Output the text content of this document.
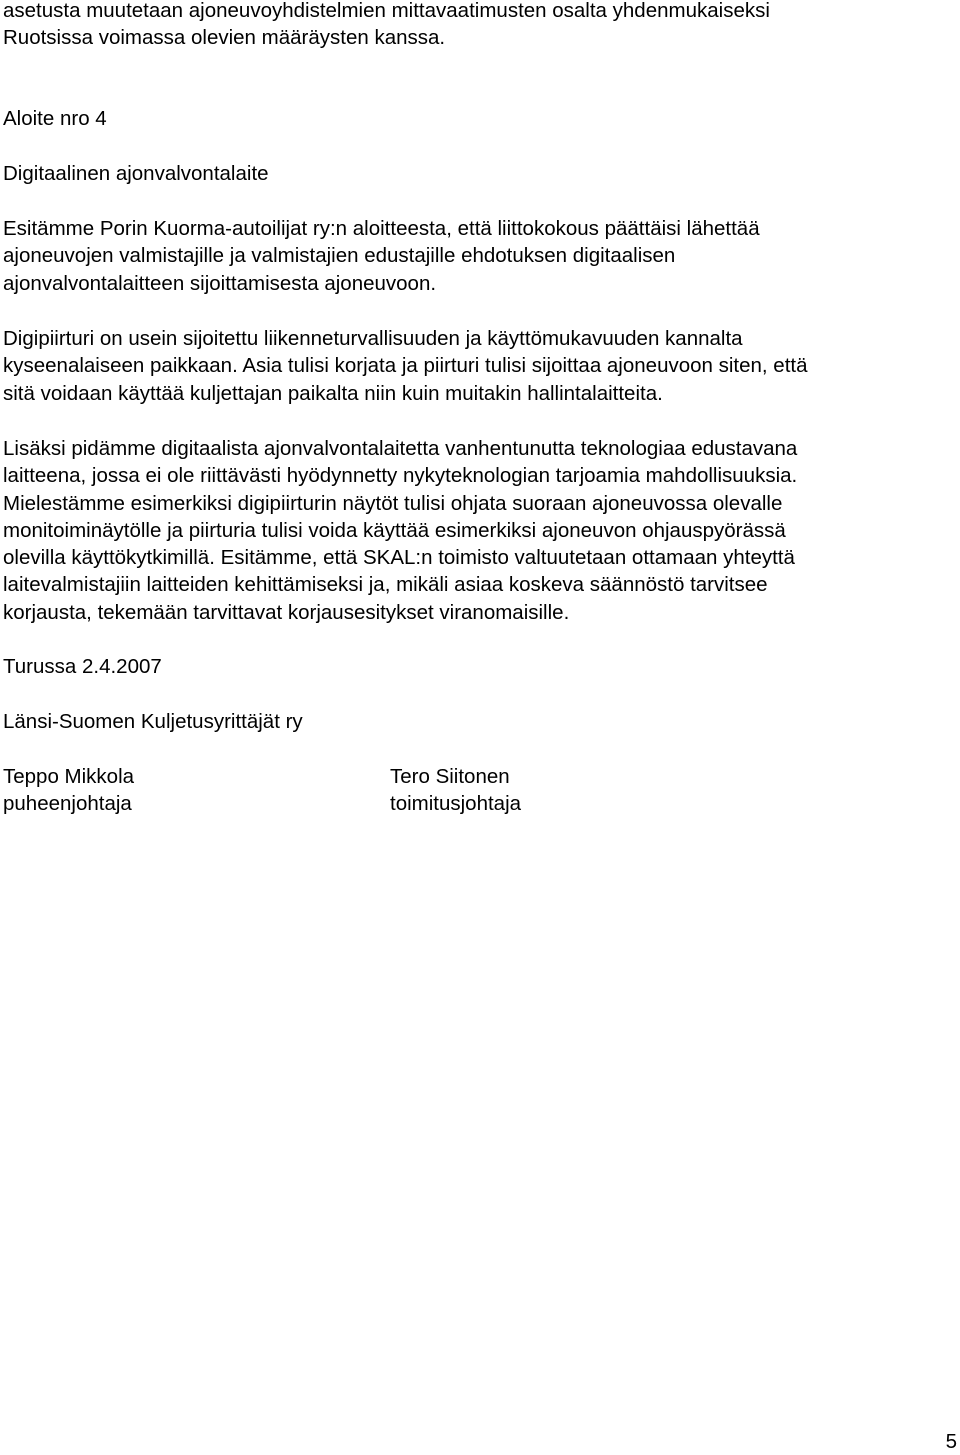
asetusta muutetaan ajoneuvoyhdistelmien mittavaatimusten osalta yhdenmukaiseksi
Ruotsissa voimassa olevien määräysten kanssa.
Aloite nro 4
Digitaalinen ajonvalvontalaite
Esitämme Porin Kuorma-autoilijat ry:n aloitteesta, että liittokokous päättäisi lähettää
ajoneuvojen valmistajille ja valmistajien edustajille ehdotuksen digitaalisen
ajonvalvontalaitteen sijoittamisesta ajoneuvoon.
Digipiirturi on usein sijoitettu liikenneturvallisuuden ja käyttömukavuuden kannalta
kyseenalaiseen paikkaan. Asia tulisi korjata ja piirturi tulisi sijoittaa ajoneuvoon siten, että
sitä voidaan käyttää kuljettajan paikalta niin kuin muitakin hallintalaitteita.
Lisäksi pidämme digitaalista ajonvalvontalaitetta vanhentunutta teknologiaa edustavana
laitteena, jossa ei ole riittävästi hyödynnetty nykyteknologian tarjoamia mahdollisuuksia.
Mielestämme esimerkiksi digipiirturin näytöt tulisi ohjata suoraan ajoneuvossa olevalle
monitoiminäytölle ja piirturia tulisi voida käyttää esimerkiksi ajoneuvon ohjauspyörässä
olevilla käyttökytkimillä. Esitämme, että SKAL:n toimisto valtuutetaan ottamaan yhteyttä
laitevalmistajiin laitteiden kehittämiseksi ja, mikäli asiaa koskeva säännöstö tarvitsee
korjausta, tekemään tarvittavat korjausesitykset viranomaisille.
Turussa 2.4.2007
Länsi-Suomen Kuljetusyrittäjät ry
Teppo Mikkola
puheenjohtaja
Tero Siitonen
toimitusjohtaja
5
